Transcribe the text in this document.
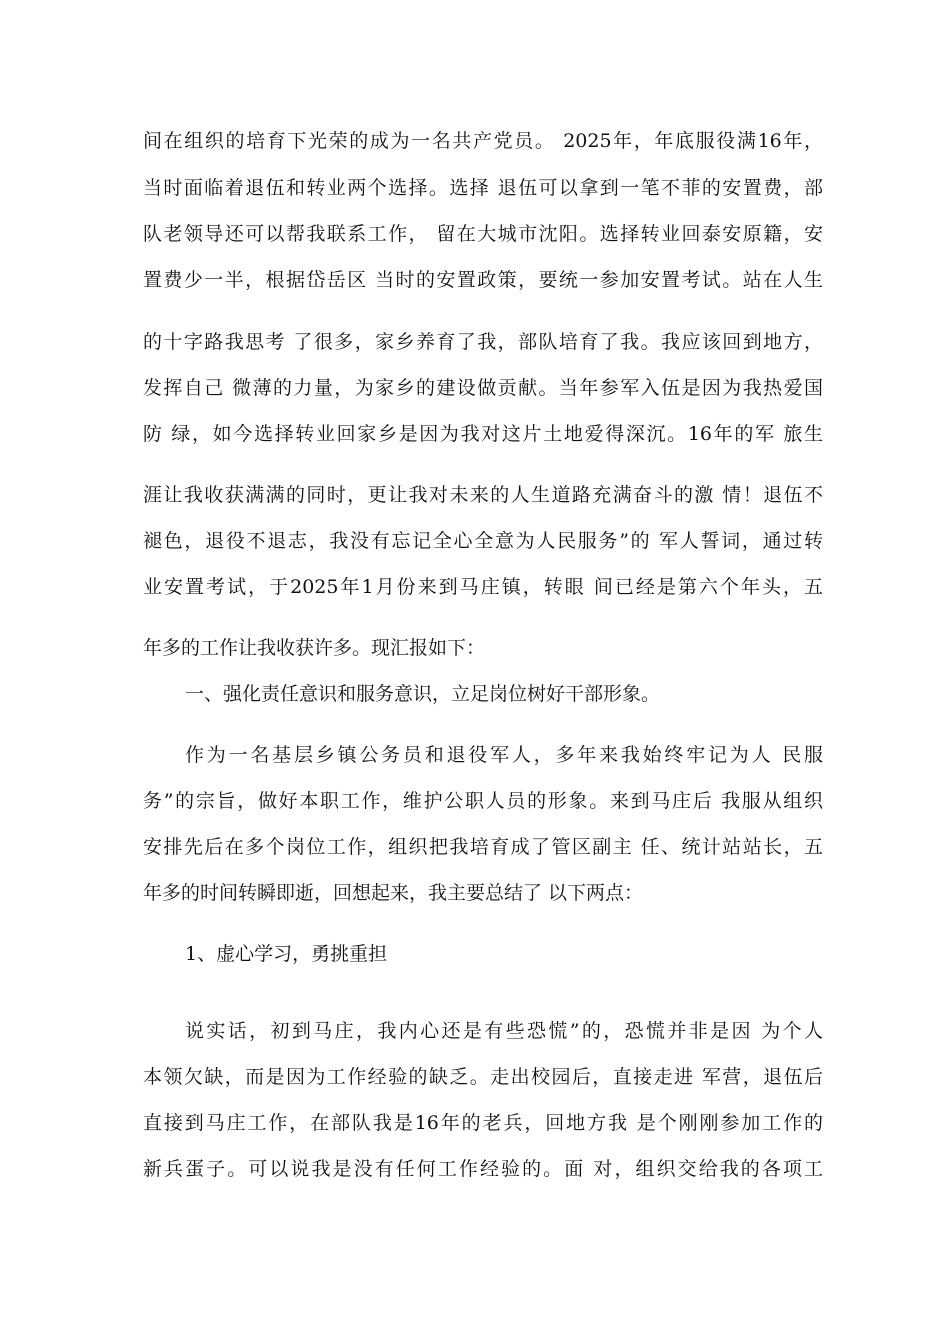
间在组织的培育下光荣的成为一名共产党员。 2025年，年底服役满16年，
当时面临着退伍和转业两个选择。选择 退伍可以拿到一笔不菲的安置费，部
队老领导还可以帮我联系工作， 留在大城市沈阳。选择转业回泰安原籍，安
置费少一半，根据岱岳区 当时的安置政策，要统一参加安置考试。站在人生
的十字路我思考 了很多，家乡养育了我，部队培育了我。我应该回到地方，
发挥自己 微薄的力量，为家乡的建设做贡献。当年参军入伍是因为我热爱国
防 绿，如今选择转业回家乡是因为我对这片土地爱得深沉。16年的军 旅生
涯让我收获满满的同时，更让我对未来的人生道路充满奋斗的激 情！退伍不
褪色，退役不退志，我没有忘记全心全意为人民服务”的 军人誓词，通过转
业安置考试，于2025年1月份来到马庄镇，转眼 间已经是第六个年头，五
年多的工作让我收获许多。现汇报如下：
一、强化责任意识和服务意识，立足岗位树好干部形象。
作为一名基层乡镇公务员和退役军人，多年来我始终牢记为人 民服
务”的宗旨，做好本职工作，维护公职人员的形象。来到马庄后 我服从组织
安排先后在多个岗位工作，组织把我培育成了管区副主 任、统计站站长，五
年多的时间转瞬即逝，回想起来，我主要总结了 以下两点：
1、虚心学习，勇挑重担
说实话，初到马庄，我内心还是有些恐慌”的，恐慌并非是因 为个人
本领欠缺，而是因为工作经验的缺乏。走出校园后，直接走进 军营，退伍后
直接到马庄工作，在部队我是16年的老兵，回地方我 是个刚刚参加工作的
新兵蛋子。可以说我是没有任何工作经验的。面 对，组织交给我的各项工
